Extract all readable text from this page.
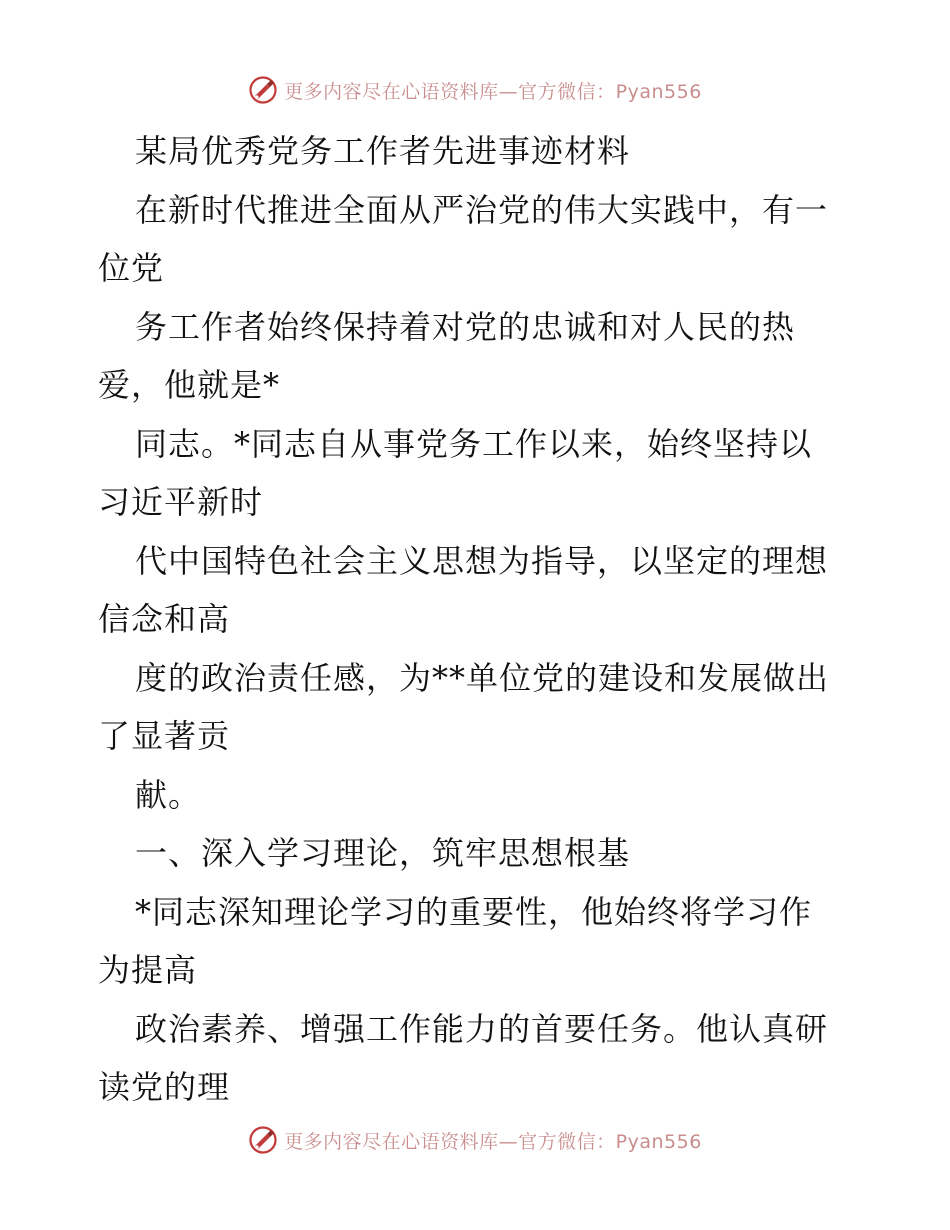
更多内容尽在心语资料库—官方微信：Pyan556
某局优秀党务工作者先进事迹材料
在新时代推进全面从严治党的伟大实践中，有一
位党
务工作者始终保持着对党的忠诚和对人民的热
爱，他就是*
同志。*同志自从事党务工作以来，始终坚持以
习近平新时
代中国特色社会主义思想为指导，以坚定的理想
信念和高
度的政治责任感，为**单位党的建设和发展做出
了显著贡
献。
一、深入学习理论，筑牢思想根基
*同志深知理论学习的重要性，他始终将学习作
为提高
政治素养、增强工作能力的首要任务。他认真研
读党的理
更多内容尽在心语资料库—官方微信：Pyan556
